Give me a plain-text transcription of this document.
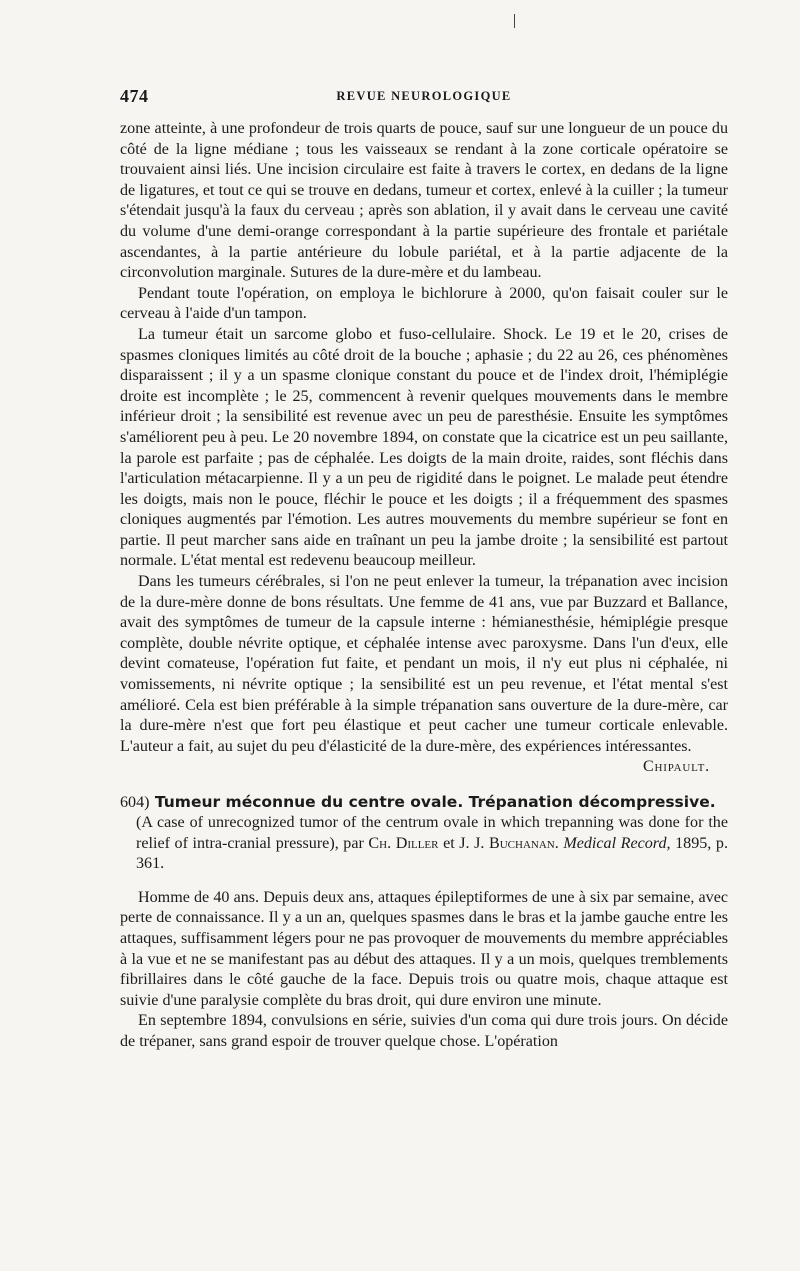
474	REVUE NEUROLOGIQUE

zone atteinte, à une profondeur de trois quarts de pouce, sauf sur une longueur de un pouce du côté de la ligne médiane ; tous les vaisseaux se rendant à la zone corticale opératoire se trouvaient ainsi liés. Une incision circulaire est faite à travers le cortex, en dedans de la ligne de ligatures, et tout ce qui se trouve en dedans, tumeur et cortex, enlevé à la cuiller ; la tumeur s'étendait jusqu'à la faux du cerveau ; après son ablation, il y avait dans le cerveau une cavité du volume d'une demi-orange correspondant à la partie supérieure des frontale et pariétale ascendantes, à la partie antérieure du lobule pariétal, et à la partie adjacente de la circonvolution marginale. Sutures de la dure-mère et du lambeau.

Pendant toute l'opération, on employa le bichlorure à 2000, qu'on faisait couler sur le cerveau à l'aide d'un tampon.

La tumeur était un sarcome globo et fuso-cellulaire. Shock. Le 19 et le 20, crises de spasmes cloniques limités au côté droit de la bouche ; aphasie ; du 22 au 26, ces phénomènes disparaissent ; il y a un spasme clonique constant du pouce et de l'index droit, l'hémiplégie droite est incomplète ; le 25, commencent à revenir quelques mouvements dans le membre inférieur droit ; la sensibilité est revenue avec un peu de paresthésie. Ensuite les symptômes s'améliorent peu à peu. Le 20 novembre 1894, on constate que la cicatrice est un peu saillante, la parole est parfaite ; pas de céphalée. Les doigts de la main droite, raides, sont fléchis dans l'articulation métacarpienne. Il y a un peu de rigidité dans le poignet. Le malade peut étendre les doigts, mais non le pouce, fléchir le pouce et les doigts ; il a fréquemment des spasmes cloniques augmentés par l'émotion. Les autres mouvements du membre supérieur se font en partie. Il peut marcher sans aide en traînant un peu la jambe droite ; la sensibilité est partout normale. L'état mental est redevenu beaucoup meilleur.

Dans les tumeurs cérébrales, si l'on ne peut enlever la tumeur, la trépanation avec incision de la dure-mère donne de bons résultats. Une femme de 41 ans, vue par Buzzard et Ballance, avait des symptômes de tumeur de la capsule interne : hémianesthésie, hémiplégie presque complète, double névrite optique, et céphalée intense avec paroxysme. Dans l'un d'eux, elle devint comateuse, l'opération fut faite, et pendant un mois, il n'y eut plus ni céphalée, ni vomissements, ni névrite optique ; la sensibilité est un peu revenue, et l'état mental s'est amélioré. Cela est bien préférable à la simple trépanation sans ouverture de la dure-mère, car la dure-mère n'est que fort peu élastique et peut cacher une tumeur corticale enlevable. L'auteur a fait, au sujet du peu d'élasticité de la dure-mère, des expériences intéressantes.

Chipault.

604) Tumeur méconnue du centre ovale. Trépanation décompressive.

(A case of unrecognized tumor of the centrum ovale in which trepanning was done for the relief of intra-cranial pressure), par Ch. Diller et J. J. Buchanan. Medical Record, 1895, p. 361.

Homme de 40 ans. Depuis deux ans, attaques épileptiformes de une à six par semaine, avec perte de connaissance. Il y a un an, quelques spasmes dans le bras et la jambe gauche entre les attaques, suffisamment légers pour ne pas provoquer de mouvements du membre appréciables à la vue et ne se manifestant pas au début des attaques. Il y a un mois, quelques tremblements fibrillaires dans le côté gauche de la face. Depuis trois ou quatre mois, chaque attaque est suivie d'une paralysie complète du bras droit, qui dure environ une minute.

En septembre 1894, convulsions en série, suivies d'un coma qui dure trois jours. On décide de trépaner, sans grand espoir de trouver quelque chose. L'opération
